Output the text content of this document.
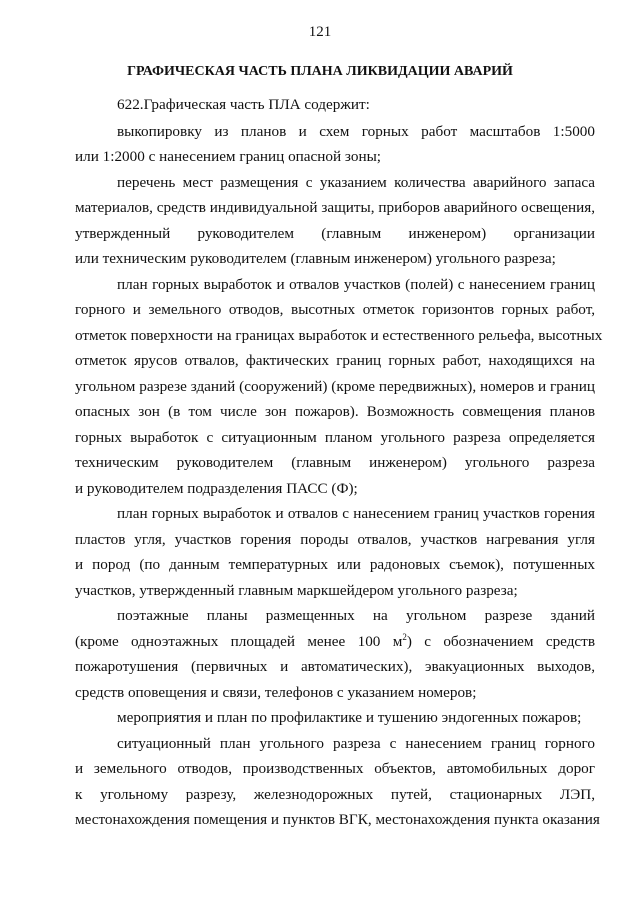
121
ГРАФИЧЕСКАЯ ЧАСТЬ ПЛАНА ЛИКВИДАЦИИ АВАРИЙ

622.Графическая часть ПЛА содержит:

выкопировку из планов и схем горных работ масштабов 1:5000
или 1:2000 с нанесением границ опасной зоны;

перечень мест размещения с указанием количества аварийного запаса
материалов, средств индивидуальной защиты, приборов аварийного освещения,
утвержденный руководителем (главным инженером) организации
или техническим руководителем (главным инженером) угольного разреза;

план горных выработок и отвалов участков (полей) с нанесением границ
горного и земельного отводов, высотных отметок горизонтов горных работ,
отметок поверхности на границах выработок и естественного рельефа, высотных
отметок ярусов отвалов, фактических границ горных работ, находящихся на
угольном разрезе зданий (сооружений) (кроме передвижных), номеров и границ
опасных зон (в том числе зон пожаров). Возможность совмещения планов
горных выработок с ситуационным планом угольного разреза определяется
техническим руководителем (главным инженером) угольного разреза
и руководителем подразделения ПАСС (Ф);

план горных выработок и отвалов с нанесением границ участков горения
пластов угля, участков горения породы отвалов, участков нагревания угля
и пород (по данным температурных или радоновых съемок), потушенных
участков, утвержденный главным маркшейдером угольного разреза;

поэтажные планы размещенных на угольном разрезе зданий
(кроме одноэтажных площадей менее 100 $м^2$) с обозначением средств
пожаротушения (первичных и автоматических), эвакуационных выходов,
средств оповещения и связи, телефонов с указанием номеров;

мероприятия и план по профилактике и тушению эндогенных пожаров;

ситуационный план угольного разреза с нанесением границ горного
и земельного отводов, производственных объектов, автомобильных дорог
к угольному разрезу, железнодорожных путей, стационарных ЛЭП,
местонахождения помещения и пунктов ВГК, местонахождения пункта оказания
